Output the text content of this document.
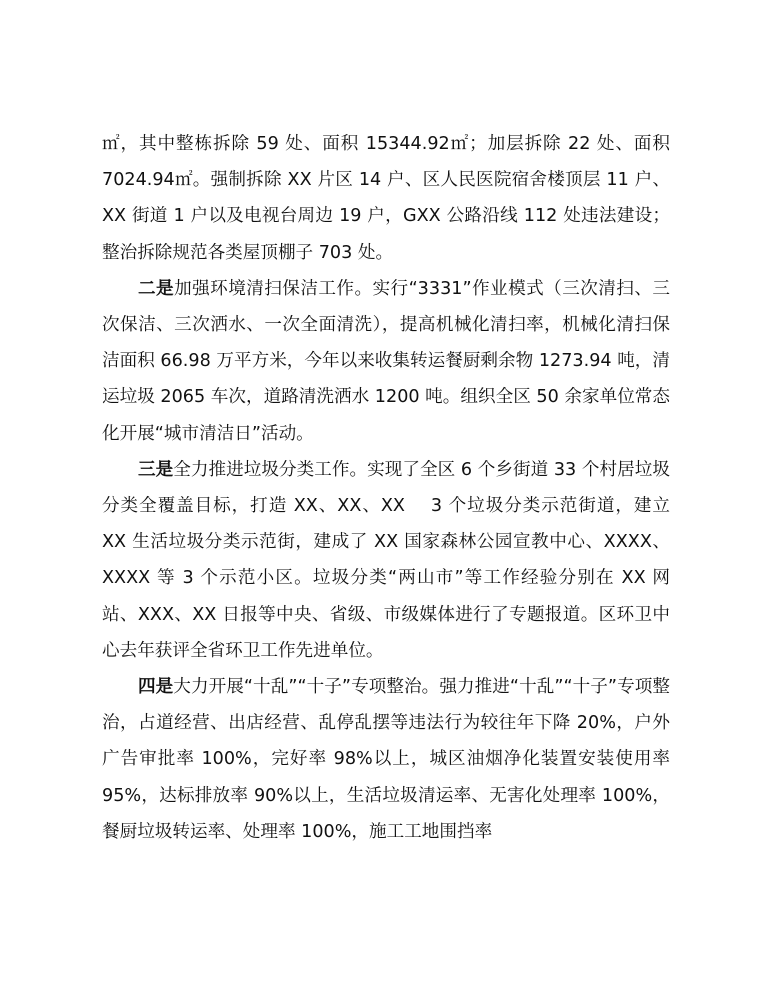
㎡，其中整栋拆除 59 处、面积 15344.92㎡；加层拆除 22 处、面积 7024.94㎡。强制拆除 XX 片区 14 户、区人民医院宿舍楼顶层 11 户、XX 街道 1 户以及电视台周边 19 户，GXX 公路沿线 112 处违法建设；整治拆除规范各类屋顶棚子 703 处。

二是加强环境清扫保洁工作。实行“3331”作业模式（三次清扫、三次保洁、三次洒水、一次全面清洗），提高机械化清扫率，机械化清扫保洁面积 66.98 万平方米，今年以来收集转运餐厨剩余物 1273.94 吨，清运垃圾 2065 车次，道路清洗洒水 1200 吨。组织全区 50 余家单位常态化开展“城市清洁日”活动。

三是全力推进垃圾分类工作。实现了全区 6 个乡街道 33 个村居垃圾分类全覆盖目标，打造 XX、XX、XX　 3 个垃圾分类示范街道，建立 XX 生活垃圾分类示范街，建成了 XX 国家森林公园宣教中心、XXXX、XXXX 等 3 个示范小区。垃圾分类“两山市”等工作经验分别在 XX 网站、XXX、XX 日报等中央、省级、市级媒体进行了专题报道。区环卫中心去年获评全省环卫工作先进单位。

四是大力开展“十乱”“十子”专项整治。强力推进“十乱”“十子”专项整治，占道经营、出店经营、乱停乱摆等违法行为较往年下降 20%，户外广告审批率 100%，完好率 98%以上，城区油烟净化装置安装使用率 95%，达标排放率 90%以上，生活垃圾清运率、无害化处理率 100%，餐厨垃圾转运率、处理率 100%，施工工地围挡率
